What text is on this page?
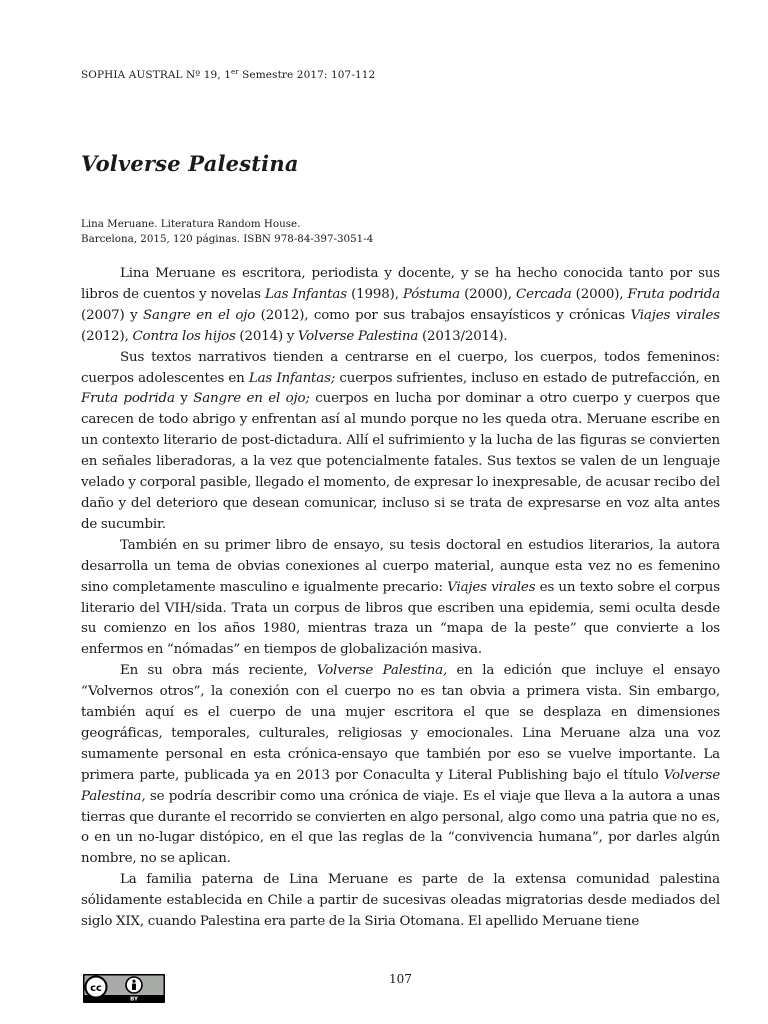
SOPHIA AUSTRAL Nº 19, 1er Semestre 2017: 107-112
Volverse Palestina
Lina Meruane. Literatura Random House.
Barcelona, 2015, 120 páginas. ISBN 978-84-397-3051-4

Lina Meruane es escritora, periodista y docente, y se ha hecho conocida tanto por sus libros de cuentos y novelas Las Infantas (1998), Póstuma (2000), Cercada (2000), Fruta podrida (2007) y Sangre en el ojo (2012), como por sus trabajos ensayísticos y crónicas Viajes virales (2012), Contra los hijos (2014) y Volverse Palestina (2013/2014).

Sus textos narrativos tienden a centrarse en el cuerpo, los cuerpos, todos femeninos: cuerpos adolescentes en Las Infantas; cuerpos sufrientes, incluso en estado de putrefacción, en Fruta podrida y Sangre en el ojo; cuerpos en lucha por dominar a otro cuerpo y cuerpos que carecen de todo abrigo y enfrentan así al mundo porque no les queda otra. Meruane escribe en un contexto literario de post-dictadura. Allí el sufrimiento y la lucha de las figuras se convierten en señales liberadoras, a la vez que potencialmente fatales. Sus textos se valen de un lenguaje velado y corporal pasible, llegado el momento, de expresar lo inexpresable, de acusar recibo del daño y del deterioro que desean comunicar, incluso si se trata de expresarse en voz alta antes de sucumbir.

También en su primer libro de ensayo, su tesis doctoral en estudios literarios, la autora desarrolla un tema de obvias conexiones al cuerpo material, aunque esta vez no es femenino sino completamente masculino e igualmente precario: Viajes virales es un texto sobre el corpus literario del VIH/sida. Trata un corpus de libros que escriben una epidemia, semi oculta desde su comienzo en los años 1980, mientras traza un “mapa de la peste” que convierte a los enfermos en “nómadas” en tiempos de globalización masiva.

En su obra más reciente, Volverse Palestina, en la edición que incluye el ensayo “Volvernos otros”, la conexión con el cuerpo no es tan obvia a primera vista. Sin embargo, también aquí es el cuerpo de una mujer escritora el que se desplaza en dimensiones geográficas, temporales, culturales, religiosas y emocionales. Lina Meruane alza una voz sumamente personal en esta crónica-ensayo que también por eso se vuelve importante. La primera parte, publicada ya en 2013 por Conaculta y Literal Publishing bajo el título Volverse Palestina, se podría describir como una crónica de viaje. Es el viaje que lleva a la autora a unas tierras que durante el recorrido se convierten en algo personal, algo como una patria que no es, o en un no-lugar distópico, en el que las reglas de la “convivencia humana”, por darles algún nombre, no se aplican.

La familia paterna de Lina Meruane es parte de la extensa comunidad palestina sólidamente establecida en Chile a partir de sucesivas oleadas migratorias desde mediados del siglo XIX, cuando Palestina era parte de la Siria Otomana. El apellido Meruane tiene

107
cc
BY
